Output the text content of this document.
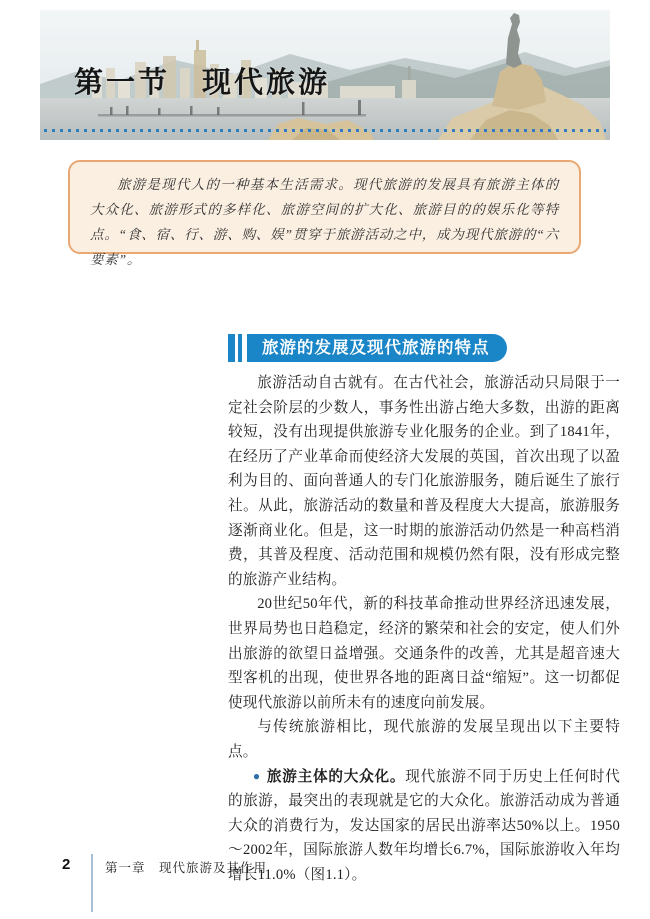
第一节　现代旅游

旅游是现代人的一种基本生活需求。现代旅游的发展具有旅游主体的大众化、旅游形式的多样化、旅游空间的扩大化、旅游目的的娱乐化等特点。“食、宿、行、游、购、娱”贯穿于旅游活动之中，成为现代旅游的“六要素”。

旅游的发展及现代旅游的特点

旅游活动自古就有。在古代社会，旅游活动只局限于一定社会阶层的少数人，事务性出游占绝大多数，出游的距离较短，没有出现提供旅游专业化服务的企业。到了1841年，在经历了产业革命而使经济大发展的英国，首次出现了以盈利为目的、面向普通人的专门化旅游服务，随后诞生了旅行社。从此，旅游活动的数量和普及程度大大提高，旅游服务逐渐商业化。但是，这一时期的旅游活动仍然是一种高档消费，其普及程度、活动范围和规模仍然有限，没有形成完整的旅游产业结构。

20世纪50年代，新的科技革命推动世界经济迅速发展，世界局势也日趋稳定，经济的繁荣和社会的安定，使人们外出旅游的欲望日益增强。交通条件的改善，尤其是超音速大型客机的出现，使世界各地的距离日益“缩短”。这一切都促使现代旅游以前所未有的速度向前发展。

与传统旅游相比，现代旅游的发展呈现出以下主要特点。

● 旅游主体的大众化。现代旅游不同于历史上任何时代的旅游，最突出的表现就是它的大众化。旅游活动成为普通大众的消费行为，发达国家的居民出游率达50%以上。1950～2002年，国际旅游人数年均增长6.7%，国际旅游收入年均增长11.0%（图1.1）。

2	第一章　现代旅游及其作用
